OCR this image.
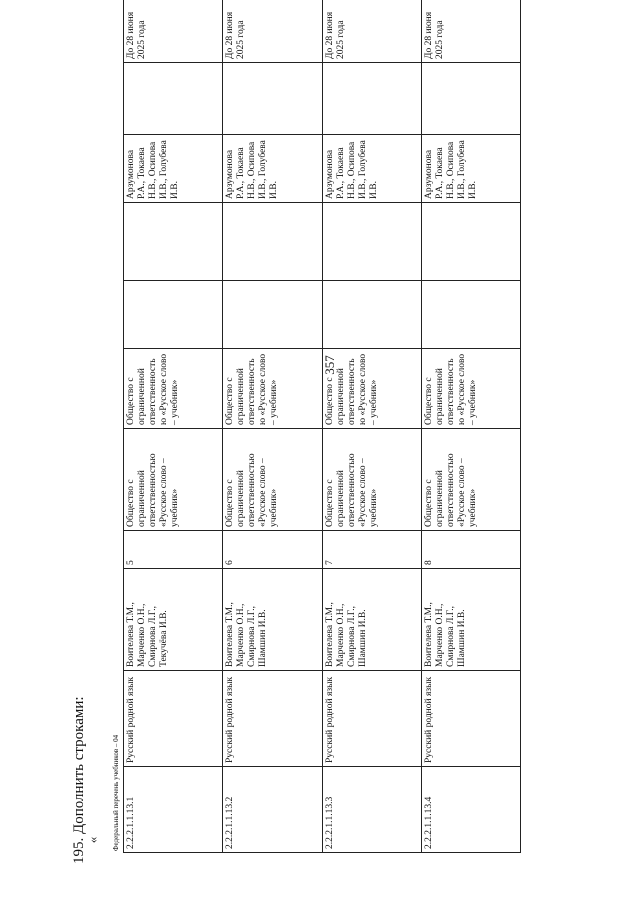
357
195. Дополнить строками:
« Федеральный перечень учебников – 04 2.2.2.1.1.13.1	Русский родной язык	Воителева Т.М., Марченко О.Н., Смирнова Л.Г., Текучёва И.В.	5	Общество с ограниченной ответственностью «Русское слово – учебник»	Общество с ограниченной ответственностью «Русское слово – учебник»			Арзумонова Р.А., Токаева Н.В., Осипова И.В., Голубева И.В.		До 28 июня 2025 года
2.2.2.1.1.13.2	Русский родной язык	Воителева Т.М., Марченко О.Н., Смирнова Л.Г., Шамшин И.В.	6	Общество с ограниченной ответственностью «Русское слово – учебник»	Общество с ограниченной ответственностью «Русское слово – учебник»			Арзумонова Р.А., Токаева Н.В., Осипова И.В., Голубева И.В.		До 28 июня 2025 года
2.2.2.1.1.13.3	Русский родной язык	Воителева Т.М., Марченко О.Н., Смирнова Л.Г., Шамшин И.В.	7	Общество с ограниченной ответственностью «Русское слово – учебник»	Общество с ограниченной ответственностью «Русское слово – учебник»			Арзумонова Р.А., Токаева Н.В., Осипова И.В., Голубева И.В.		До 28 июня 2025 года
2.2.2.1.1.13.4	Русский родной язык	Воителева Т.М., Марченко О.Н., Смирнова Л.Г., Шамшин И.В.	8	Общество с ограниченной ответственностью «Русское слово – учебник»	Общество с ограниченной ответственностью «Русское слово – учебник»			Арзумонова Р.А., Токаева Н.В., Осипова И.В., Голубева И.В.		До 28 июня 2025 года
